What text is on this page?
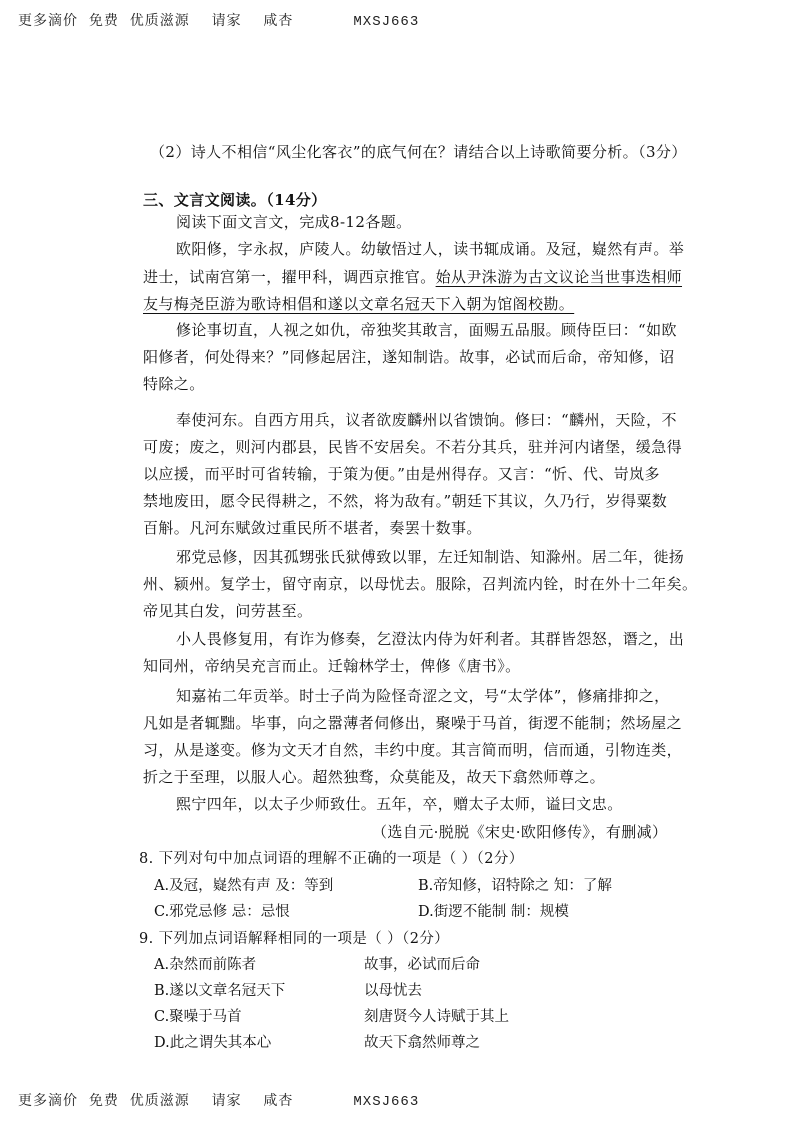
更多滴价  免费  优质滋源    请家    咸杏	MXSJ663
（2）诗人不相信“风尘化客衣”的底气何在？请结合以上诗歌简要分析。（3分）
三、文言文阅读。（14分）
阅读下面文言文，完成8-12各题。
欧阳修，字永叔，庐陵人。幼敏悟过人，读书辄成诵。及冠，嶷然有声。举
进士，试南宫第一，擢甲科，调西京推官。始从尹洙游为古文议论当世事迭相师
友与梅尧臣游为歌诗相倡和遂以文章名冠天下入朝为馆阁校勘。
修论事切直，人视之如仇，帝独奖其敢言，面赐五品服。顾侍臣曰：“如欧
阳修者，何处得来？”同修起居注，遂知制诰。故事，必试而后命，帝知修，诏
特除之。
奉使河东。自西方用兵，议者欲废麟州以省馈饷。修曰：“麟州，天险，不
可废；废之，则河内郡县，民皆不安居矣。不若分其兵，驻并河内诸堡，缓急得
以应援，而平时可省转输，于策为便。”由是州得存。又言：“忻、代、岢岚多
禁地废田，愿令民得耕之，不然，将为敌有。”朝廷下其议，久乃行，岁得粟数
百斛。凡河东赋敛过重民所不堪者，奏罢十数事。
邪党忌修，因其孤甥张氏狱傅致以罪，左迁知制诰、知滁州。居二年，徙扬
州、颍州。复学士，留守南京，以母忧去。服除，召判流内铨，时在外十二年矣。
帝见其白发，问劳甚至。
小人畏修复用，有诈为修奏，乞澄汰内侍为奸利者。其群皆怨怒，谮之，出
知同州，帝纳吴充言而止。迁翰林学士，俾修《唐书》。
知嘉祐二年贡举。时士子尚为险怪奇涩之文，号“太学体”，修痛排抑之，
凡如是者辄黜。毕事，向之嚣薄者伺修出，聚噪于马首，街逻不能制；然场屋之
习，从是遂变。修为文天才自然，丰约中度。其言简而明，信而通，引物连类，
折之于至理，以服人心。超然独骛，众莫能及，故天下翕然师尊之。
熙宁四年，以太子少师致仕。五年，卒，赠太子太师，谥曰文忠。
（选自元·脱脱《宋史·欧阳修传》，有删减）
8. 下列对句中加点词语的理解不正确的一项是（ ）（2分）
A.及冠，嶷然有声 及：等到	B.帝知修，诏特除之 知：了解
C.邪党忌修 忌：忌恨	D.街逻不能制 制：规模
9. 下列加点词语解释相同的一项是（ ）（2分）
A.杂然而前陈者	故事，必试而后命
B.遂以文章名冠天下	以母忧去
C.聚噪于马首	刻唐贤今人诗赋于其上
D.此之谓失其本心	故天下翕然师尊之
更多滴价  免费  优质滋源    请家    咸杏	MXSJ663
